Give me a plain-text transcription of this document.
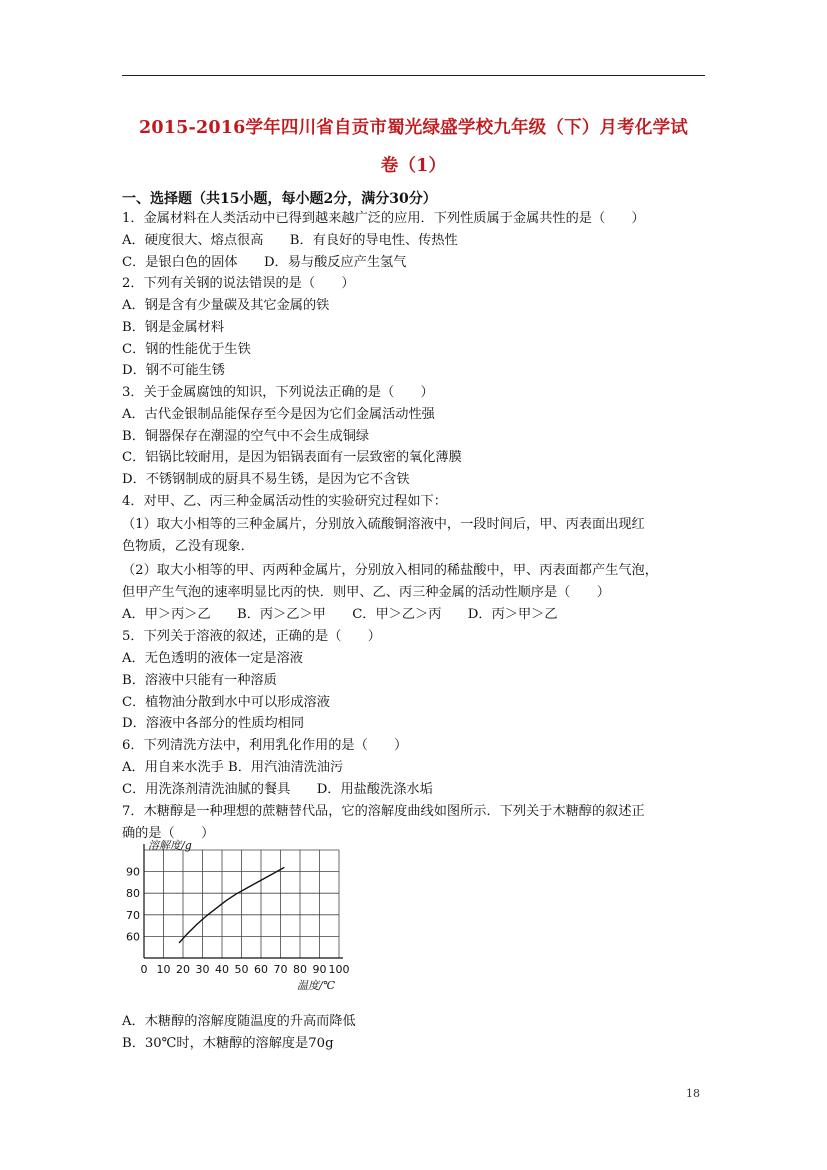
2015-2016学年四川省自贡市蜀光绿盛学校九年级（下）月考化学试
卷（1）
一、选择题（共15小题，每小题2分，满分30分）
1．金属材料在人类活动中已得到越来越广泛的应用．下列性质属于金属共性的是（　　）
A．硬度很大、熔点很高　　B．有良好的导电性、传热性
C．是银白色的固体　　D．易与酸反应产生氢气
2．下列有关钢的说法错误的是（　　）
A．钢是含有少量碳及其它金属的铁
B．钢是金属材料
C．钢的性能优于生铁
D．钢不可能生锈
3．关于金属腐蚀的知识，下列说法正确的是（　　）
A．古代金银制品能保存至今是因为它们金属活动性强
B．铜器保存在潮湿的空气中不会生成铜绿
C．铝锅比较耐用，是因为铝锅表面有一层致密的氧化薄膜
D．不锈钢制成的厨具不易生锈，是因为它不含铁
4．对甲、乙、丙三种金属活动性的实验研究过程如下：
（1）取大小相等的三种金属片，分别放入硫酸铜溶液中，一段时间后，甲、丙表面出现红
色物质，乙没有现象．
（2）取大小相等的甲、丙两种金属片，分别放入相同的稀盐酸中，甲、丙表面都产生气泡，
但甲产生气泡的速率明显比丙的快．则甲、乙、丙三种金属的活动性顺序是（　　）
A．甲＞丙＞乙　　B．丙＞乙＞甲　　C．甲＞乙＞丙　　D．丙＞甲＞乙
5．下列关于溶液的叙述，正确的是（　　）
A．无色透明的液体一定是溶液
B．溶液中只能有一种溶质
C．植物油分散到水中可以形成溶液
D．溶液中各部分的性质均相同
6．下列清洗方法中，利用乳化作用的是（　　）
A．用自来水洗手 B．用汽油清洗油污
C．用洗涤剂清洗油腻的餐具　　D．用盐酸洗涤水垢
7．木糖醇是一种理想的蔗糖替代品，它的溶解度曲线如图所示．下列关于木糖醇的叙述正
确的是（　　）
60
70
80
90
0 10 20 30 40 50 60 70 80 90 100
溶解度/g
温度/℃
A．木糖醇的溶解度随温度的升高而降低
B．30℃时，木糖醇的溶解度是70g
18
